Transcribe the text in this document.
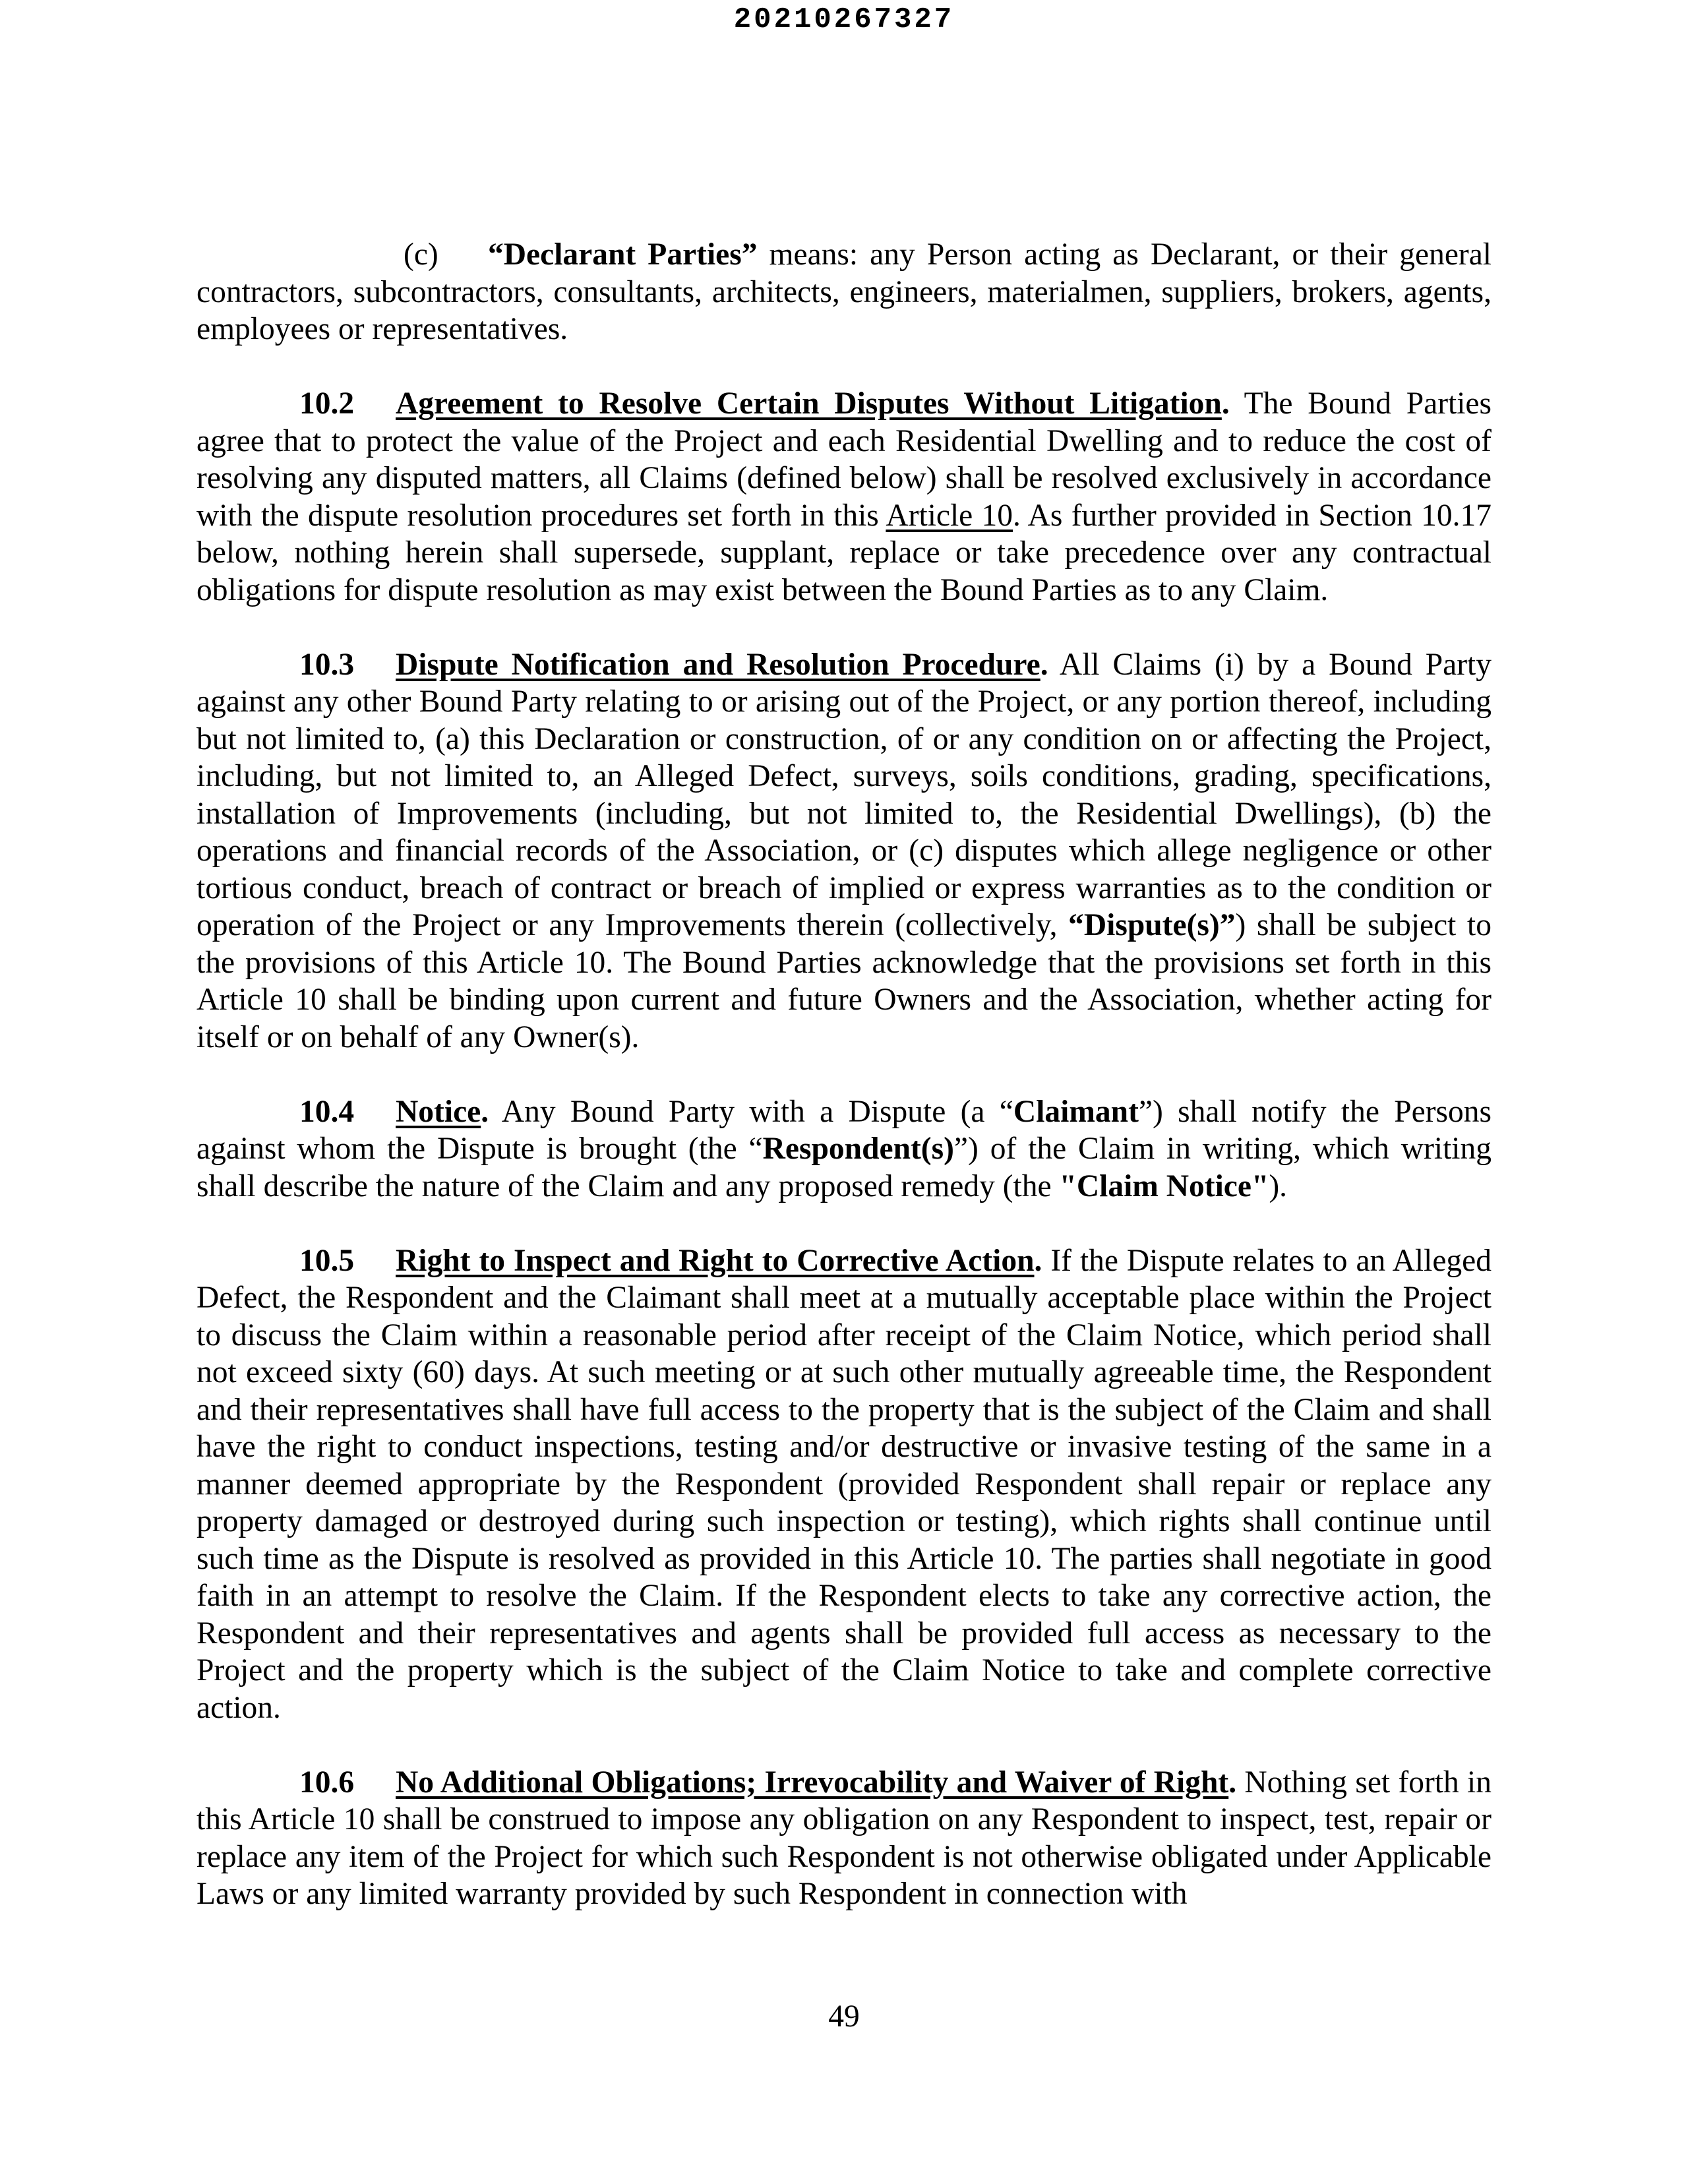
20210267327

(c) “Declarant Parties” means: any Person acting as Declarant, or their general contractors, subcontractors, consultants, architects, engineers, materialmen, suppliers, brokers, agents, employees or representatives.

10.2 Agreement to Resolve Certain Disputes Without Litigation. The Bound Parties agree that to protect the value of the Project and each Residential Dwelling and to reduce the cost of resolving any disputed matters, all Claims (defined below) shall be resolved exclusively in accordance with the dispute resolution procedures set forth in this Article 10. As further provided in Section 10.17 below, nothing herein shall supersede, supplant, replace or take precedence over any contractual obligations for dispute resolution as may exist between the Bound Parties as to any Claim.

10.3 Dispute Notification and Resolution Procedure. All Claims (i) by a Bound Party against any other Bound Party relating to or arising out of the Project, or any portion thereof, including but not limited to, (a) this Declaration or construction, of or any condition on or affecting the Project, including, but not limited to, an Alleged Defect, surveys, soils conditions, grading, specifications, installation of Improvements (including, but not limited to, the Residential Dwellings), (b) the operations and financial records of the Association, or (c) disputes which allege negligence or other tortious conduct, breach of contract or breach of implied or express warranties as to the condition or operation of the Project or any Improvements therein (collectively, “Dispute(s)”) shall be subject to the provisions of this Article 10. The Bound Parties acknowledge that the provisions set forth in this Article 10 shall be binding upon current and future Owners and the Association, whether acting for itself or on behalf of any Owner(s).

10.4 Notice. Any Bound Party with a Dispute (a “Claimant”) shall notify the Persons against whom the Dispute is brought (the “Respondent(s)”) of the Claim in writing, which writing shall describe the nature of the Claim and any proposed remedy (the "Claim Notice").

10.5 Right to Inspect and Right to Corrective Action. If the Dispute relates to an Alleged Defect, the Respondent and the Claimant shall meet at a mutually acceptable place within the Project to discuss the Claim within a reasonable period after receipt of the Claim Notice, which period shall not exceed sixty (60) days. At such meeting or at such other mutually agreeable time, the Respondent and their representatives shall have full access to the property that is the subject of the Claim and shall have the right to conduct inspections, testing and/or destructive or invasive testing of the same in a manner deemed appropriate by the Respondent (provided Respondent shall repair or replace any property damaged or destroyed during such inspection or testing), which rights shall continue until such time as the Dispute is resolved as provided in this Article 10. The parties shall negotiate in good faith in an attempt to resolve the Claim. If the Respondent elects to take any corrective action, the Respondent and their representatives and agents shall be provided full access as necessary to the Project and the property which is the subject of the Claim Notice to take and complete corrective action.

10.6 No Additional Obligations; Irrevocability and Waiver of Right. Nothing set forth in this Article 10 shall be construed to impose any obligation on any Respondent to inspect, test, repair or replace any item of the Project for which such Respondent is not otherwise obligated under Applicable Laws or any limited warranty provided by such Respondent in connection with

49
